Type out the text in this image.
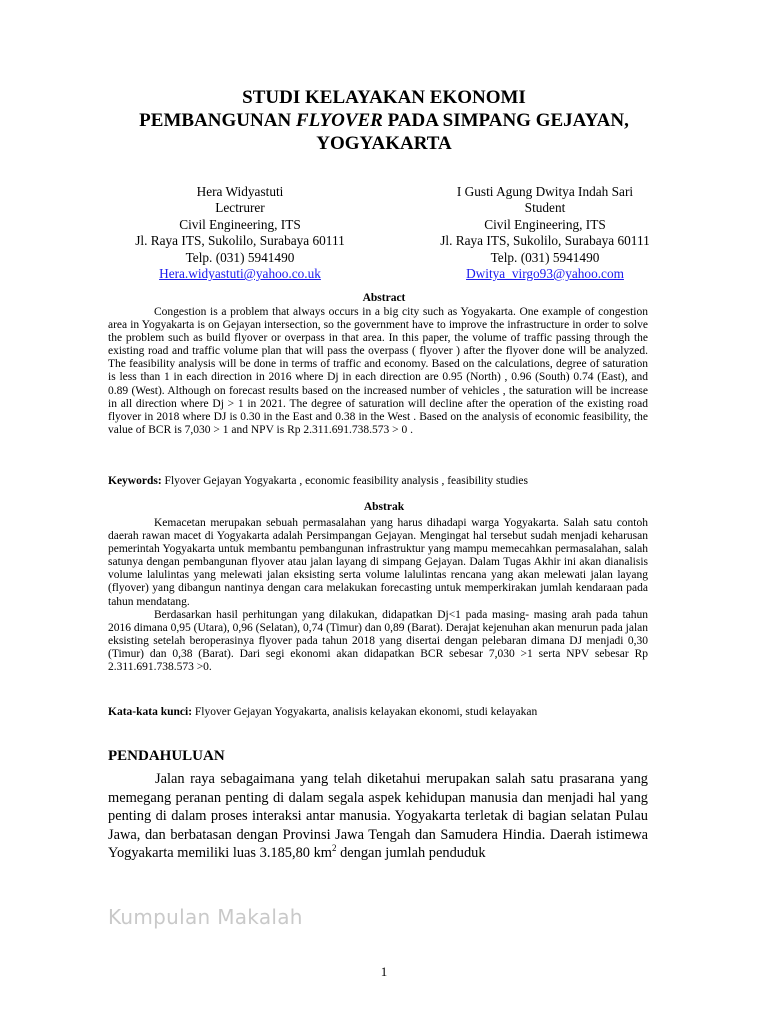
STUDI KELAYAKAN EKONOMI
PEMBANGUNAN FLYOVER PADA SIMPANG GEJAYAN,
YOGYAKARTA
Hera Widyastuti
Lectrurer
Civil Engineering, ITS
Jl. Raya ITS, Sukolilo, Surabaya 60111
Telp. (031) 5941490
Hera.widyastuti@yahoo.co.uk
I Gusti Agung Dwitya Indah Sari
Student
Civil Engineering, ITS
Jl. Raya ITS, Sukolilo, Surabaya 60111
Telp. (031) 5941490
Dwitya_virgo93@yahoo.com
Abstract

Congestion is a problem that always occurs in a big city such as Yogyakarta. One example of congestion area in Yogyakarta is on Gejayan intersection, so the government have to improve the infrastructure in order to solve the problem such as build flyover or overpass in that area. In this paper, the volume of traffic passing through the existing road and traffic volume plan that will pass the overpass ( flyover ) after the flyover done will be analyzed. The feasibility analysis will be done in terms of traffic and economy. Based on the calculations, degree of saturation is less than 1 in each direction in 2016 where Dj in each direction are 0.95 (North) , 0.96 (South) 0.74 (East), and 0.89 (West). Although on forecast results based on the increased number of vehicles , the saturation will be increase in all direction where Dj > 1 in 2021. The degree of saturation will decline after the operation of the existing road flyover in 2018 where DJ is 0.30 in the East and 0.38 in the West . Based on the analysis of economic feasibility, the value of BCR is 7,030 > 1 and NPV is Rp 2.311.691.738.573 > 0 .

Keywords: Flyover Gejayan Yogyakarta , economic feasibility analysis , feasibility studies
Abstrak

Kemacetan merupakan sebuah permasalahan yang harus dihadapi warga Yogyakarta. Salah satu contoh daerah rawan macet di Yogyakarta adalah Persimpangan Gejayan. Mengingat hal tersebut sudah menjadi keharusan pemerintah Yogyakarta untuk membantu pembangunan infrastruktur yang mampu memecahkan permasalahan, salah satunya dengan pembangunan flyover atau jalan layang di simpang Gejayan. Dalam Tugas Akhir ini akan dianalisis volume lalulintas yang melewati jalan eksisting serta volume lalulintas rencana yang akan melewati jalan layang (flyover) yang dibangun nantinya dengan cara melakukan forecasting untuk memperkirakan jumlah kendaraan pada tahun mendatang.

Berdasarkan hasil perhitungan yang dilakukan, didapatkan Dj<1 pada masing- masing arah pada tahun 2016 dimana 0,95 (Utara), 0,96 (Selatan), 0,74 (Timur) dan 0,89 (Barat). Derajat kejenuhan akan menurun pada jalan eksisting setelah beroperasinya flyover pada tahun 2018 yang disertai dengan pelebaran dimana DJ menjadi 0,30 (Timur) dan 0,38 (Barat). Dari segi ekonomi akan didapatkan BCR sebesar 7,030 >1 serta NPV sebesar Rp 2.311.691.738.573 >0.

Kata-kata kunci: Flyover Gejayan Yogyakarta, analisis kelayakan ekonomi, studi kelayakan
PENDAHULUAN

Jalan raya sebagaimana yang telah diketahui merupakan salah satu prasarana yang memegang peranan penting di dalam segala aspek kehidupan manusia dan menjadi hal yang penting di dalam proses interaksi antar manusia. Yogyakarta terletak di bagian selatan Pulau Jawa, dan berbatasan dengan Provinsi Jawa Tengah dan Samudera Hindia. Daerah istimewa Yogyakarta memiliki luas 3.185,80 $km^2$ dengan jumlah penduduk

Kumpulan Makalah
1
